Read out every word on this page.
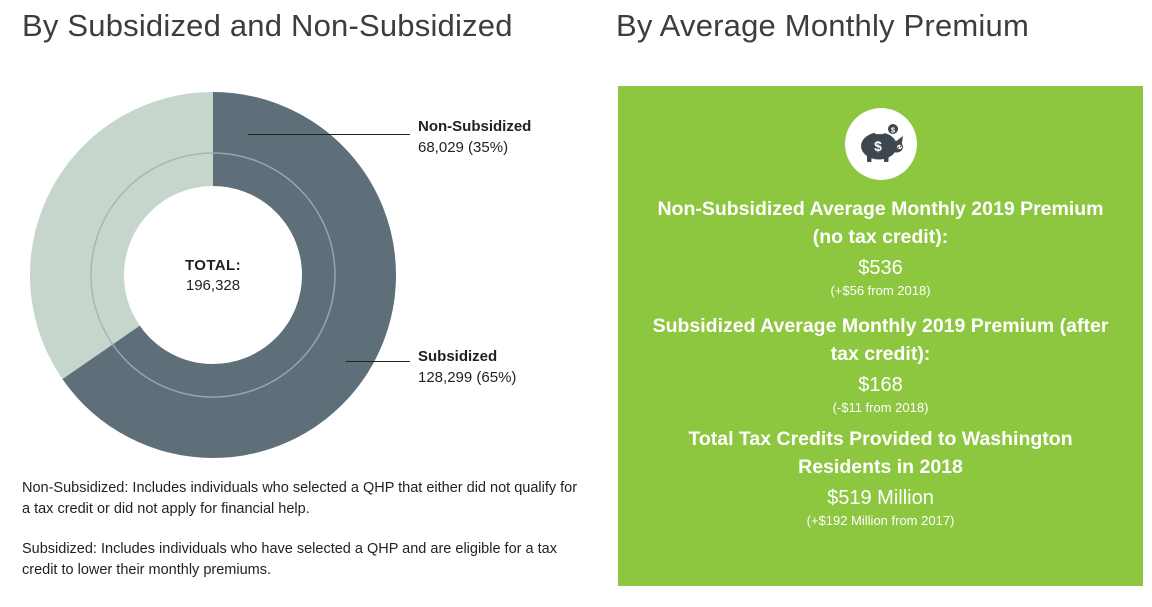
By Subsidized and Non-Subsidized
TOTAL:
196,328
Non-Subsidized
68,029 (35%)
Subsidized
128,299 (65%)
Non-Subsidized: Includes individuals who selected a QHP that either did not qualify for a tax credit or did not apply for financial help.
Subsidized: Includes individuals who have selected a QHP and are eligible for a tax credit to lower their monthly premiums.
By Average Monthly Premium
$
$
Non-Subsidized Average Monthly 2019 Premium (no tax credit):
$536
(+$56 from 2018)
Subsidized Average Monthly 2019 Premium (after tax credit):
$168
(-$11 from 2018)
Total Tax Credits Provided to Washington Residents in 2018
$519 Million
(+$192 Million from 2017)
